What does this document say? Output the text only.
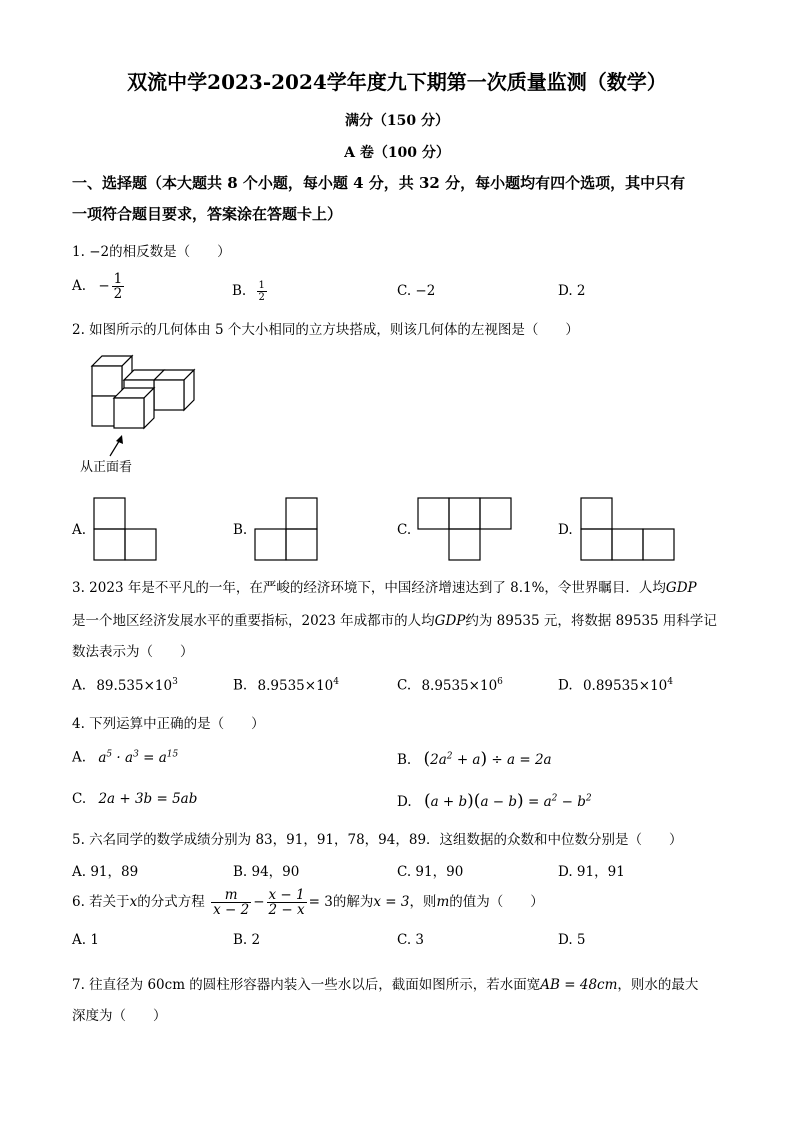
双流中学2023-2024学年度九下期第一次质量监测（数学）
满分（150 分）
A 卷（100 分）
一、选择题（本大题共 8 个小题，每小题 4 分，共 32 分，每小题均有四个选项，其中只有
一项符合题目要求，答案涂在答题卡上）
1. −2的相反数是（　　）
A. − $\frac{1}{2}$	B. $\frac{1}{2}$	C. −2	D. 2
2. 如图所示的几何体由 5 个大小相同的立方块搭成，则该几何体的左视图是（　　）
从正面看
A.	B.	C.	D.
3. 2023 年是不平凡的一年，在严峻的经济环境下，中国经济增速达到了 8.1%，令世界瞩目．人均GDP
是一个地区经济发展水平的重要指标，2023 年成都市的人均GDP约为 89535 元，将数据 89535 用科学记
数法表示为（　　）
A. $89.535\times 10^3$	B. $8.9535\times 10^4$	C. $8.9535\times 10^6$	D. $0.89535\times 10^4$
4. 下列运算中正确的是（　　）
A. $a^5 \cdot a^3 = a^{15}$	B. $(2a^2 + a) \div a = 2a$
C. 2a + 3b = 5ab	D. $(a + b)(a - b) = a^2 - b^2$
5. 六名同学的数学成绩分别为 83，91，91，78，94，89．这组数据的众数和中位数分别是（　　）
A. 91，89	B. 94，90	C. 91，90	D. 91，91
6. 若关于x的分式方程 $\frac{m}{x - 2} - \frac{x - 1}{2 - x} = 3$的解为x = 3，则m的值为（　　）
A. 1	B. 2	C. 3	D. 5
7. 往直径为 60cm 的圆柱形容器内装入一些水以后，截面如图所示，若水面宽AB = 48cm，则水的最大
深度为（　　）
